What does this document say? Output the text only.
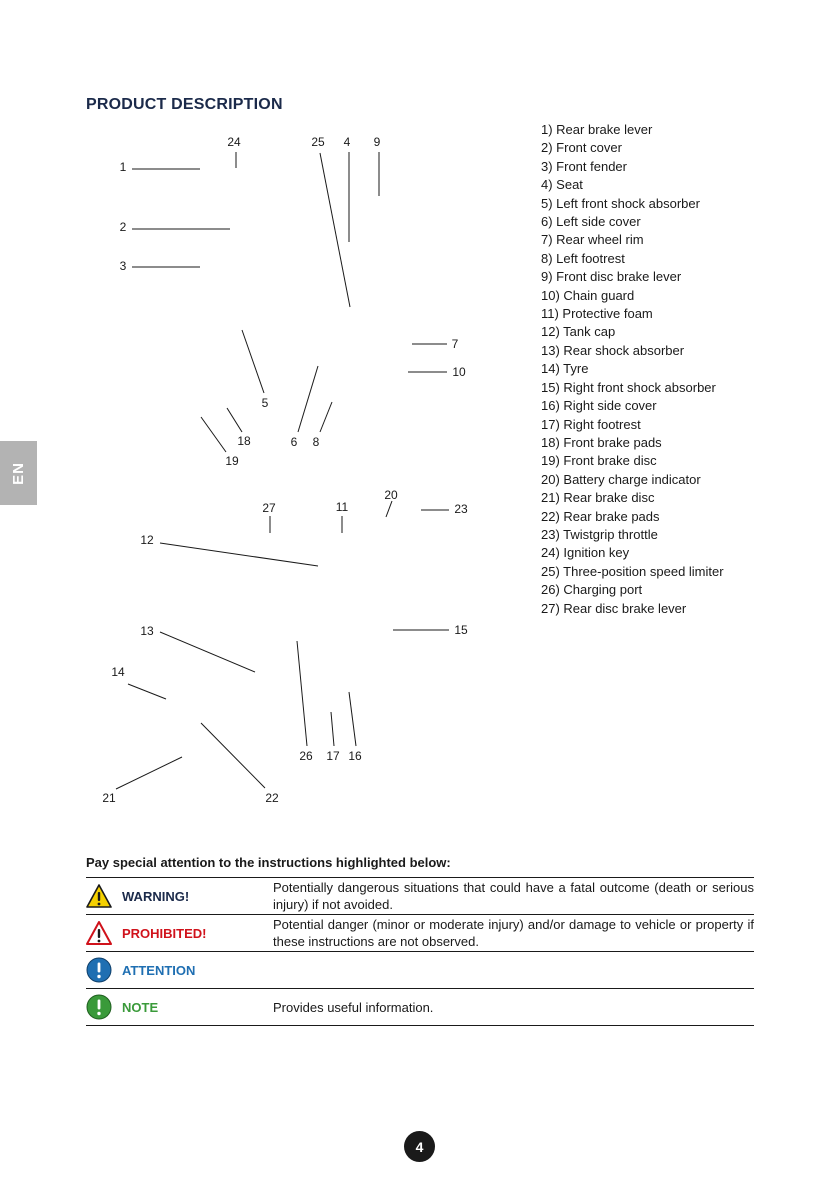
EN
PRODUCT DESCRIPTION
1
2
3
24	25 4 9
7
10
5
18	6 8
19
20
27	11	23
12
13	15
14
26 17 16
21	22
1) Rear brake lever
2) Front cover
3) Front fender
4) Seat
5) Left front shock absorber
6) Left side cover
7) Rear wheel rim
8) Left footrest
9) Front disc brake lever
10) Chain guard
11) Protective foam
12) Tank cap
13) Rear shock absorber
14) Tyre
15) Right front shock absorber
16) Right side cover
17) Right footrest
18) Front brake pads
19) Front brake disc
20) Battery charge indicator
21) Rear brake disc
22) Rear brake pads
23) Twistgrip throttle
24) Ignition key
25) Three-position speed limiter
26) Charging port
27) Rear disc brake lever

Pay special attention to the instructions highlighted below:

WARNING!
Potentially dangerous situations that could have a fatal outcome (death or serious injury) if not avoided.
PROHIBITED!
Potential danger (minor or moderate injury) and/or damage to vehicle or property if these instructions are not observed.
ATTENTION
NOTE	Provides useful information.
4
